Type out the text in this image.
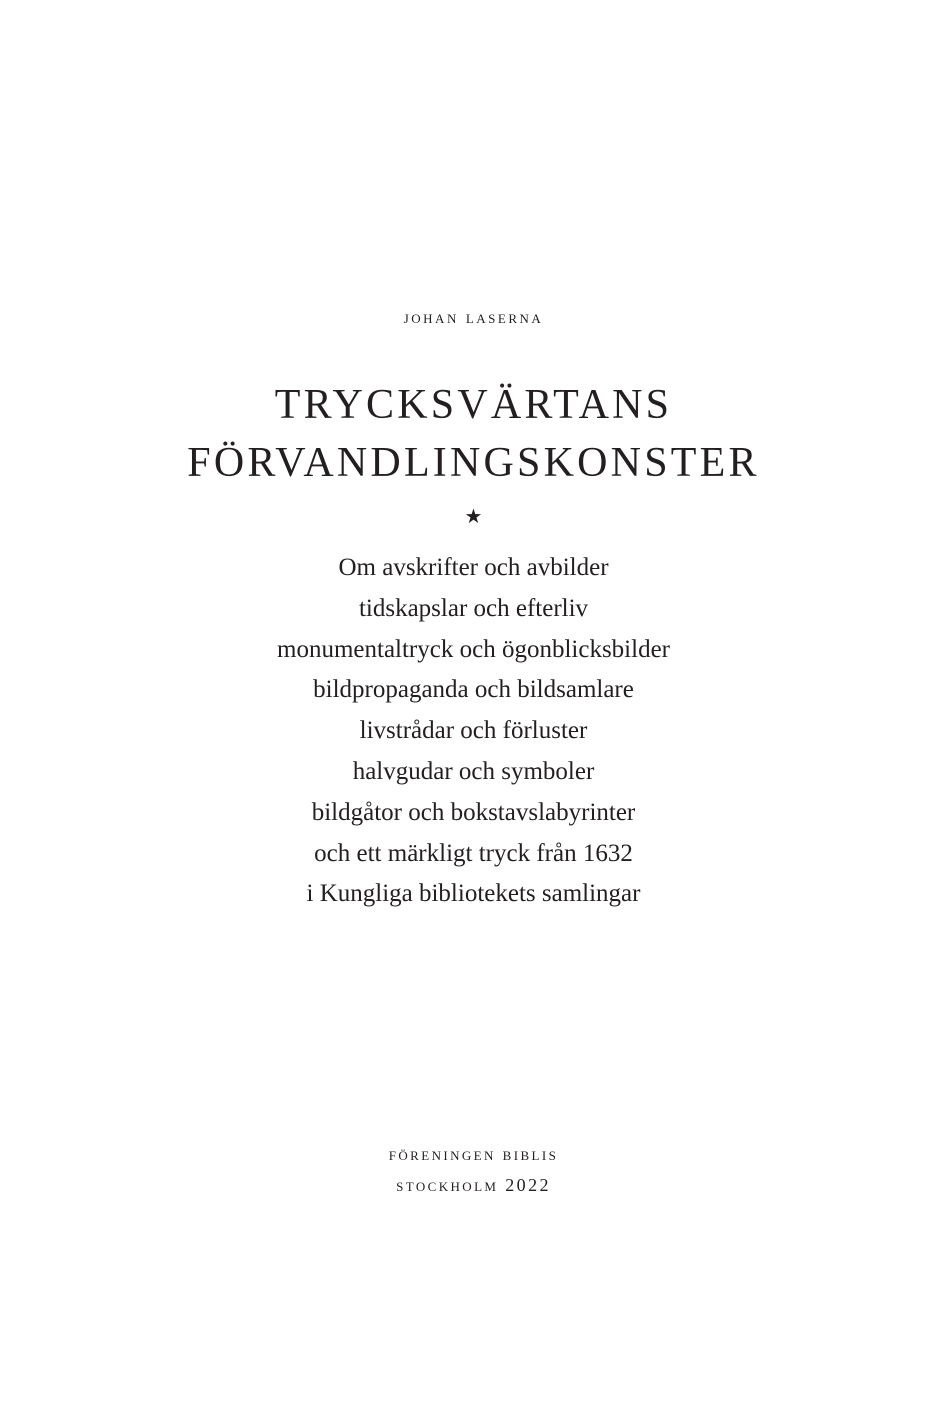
johan laserna

TRYCKSVÄRTANS
FÖRVANDLINGSKONSTER

★

Om avskrifter och avbilder
tidskapslar och efterliv
monumentaltryck och ögonblicksbilder
bildpropaganda och bildsamlare
livstrådar och förluster
halvgudar och symboler
bildgåtor och bokstavslabyrinter
och ett märkligt tryck från 1632
i Kungliga bibliotekets samlingar

föreningen biblis
stockholm 2022
